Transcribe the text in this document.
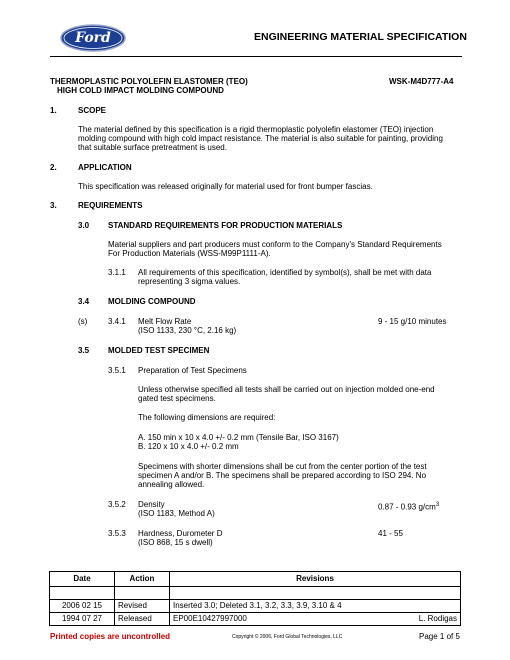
Ford	ENGINEERING MATERIAL SPECIFICATION
THERMOPLASTIC POLYOLEFIN ELASTOMER (TEO)
HIGH COLD IMPACT MOLDING COMPOUND
WSK-M4D777-A4
1.	SCOPE
The material defined by this specification is a rigid thermoplastic polyolefin elastomer (TEO) injection
molding compound with high cold impact resistance. The material is also suitable for painting, providing
that suitable surface pretreatment is used.
2.	APPLICATION
This specification was released originally for material used for front bumper fascias.
3.	REQUIREMENTS
3.0 STANDARD REQUIREMENTS FOR PRODUCTION MATERIALS
Material suppliers and part producers must conform to the Company's Standard Requirements
For Production Materials (WSS-M99P1111-A).
3.1.1 All requirements of this specification, identified by symbol(s), shall be met with data
representing 3 sigma values.
3.4 MOLDING COMPOUND
(s)	3.4.1 Melt Flow Rate
(ISO 1133, 230 °C, 2.16 kg)
9 - 15 g/10 minutes
3.5 MOLDED TEST SPECIMEN
3.5.1 Preparation of Test Specimens
Unless otherwise specified all tests shall be carried out on injection molded one-end
gated test specimens.
The following dimensions are required:
A. 150 min x 10 x 4.0 +/- 0.2 mm (Tensile Bar, ISO 3167)
B. 120 x 10 x 4.0 +/- 0.2 mm
Specimens with shorter dimensions shall be cut from the center portion of the test
specimen A and/or B. The specimens shall be prepared according to ISO 294. No
annealing allowed.
3.5.2 Density
(ISO 1183, Method A)
0.87 - 0.93 $g/cm^3$
3.5.3 Hardness, Durometer D
(ISO 868, 15 s dwell)
41 - 55
Date	Action	Revisions	

2006 02 15	Revised	Inserted 3.0; Deleted 3.1, 3.2, 3.3, 3.9, 3.10 & 4	
1994 07 27	Released	EP00E10427997000	L. Rodigas
Printed copies are uncontrolled	Copyright © 2006, Ford Global Technologies, LLC	Page 1 of 5
